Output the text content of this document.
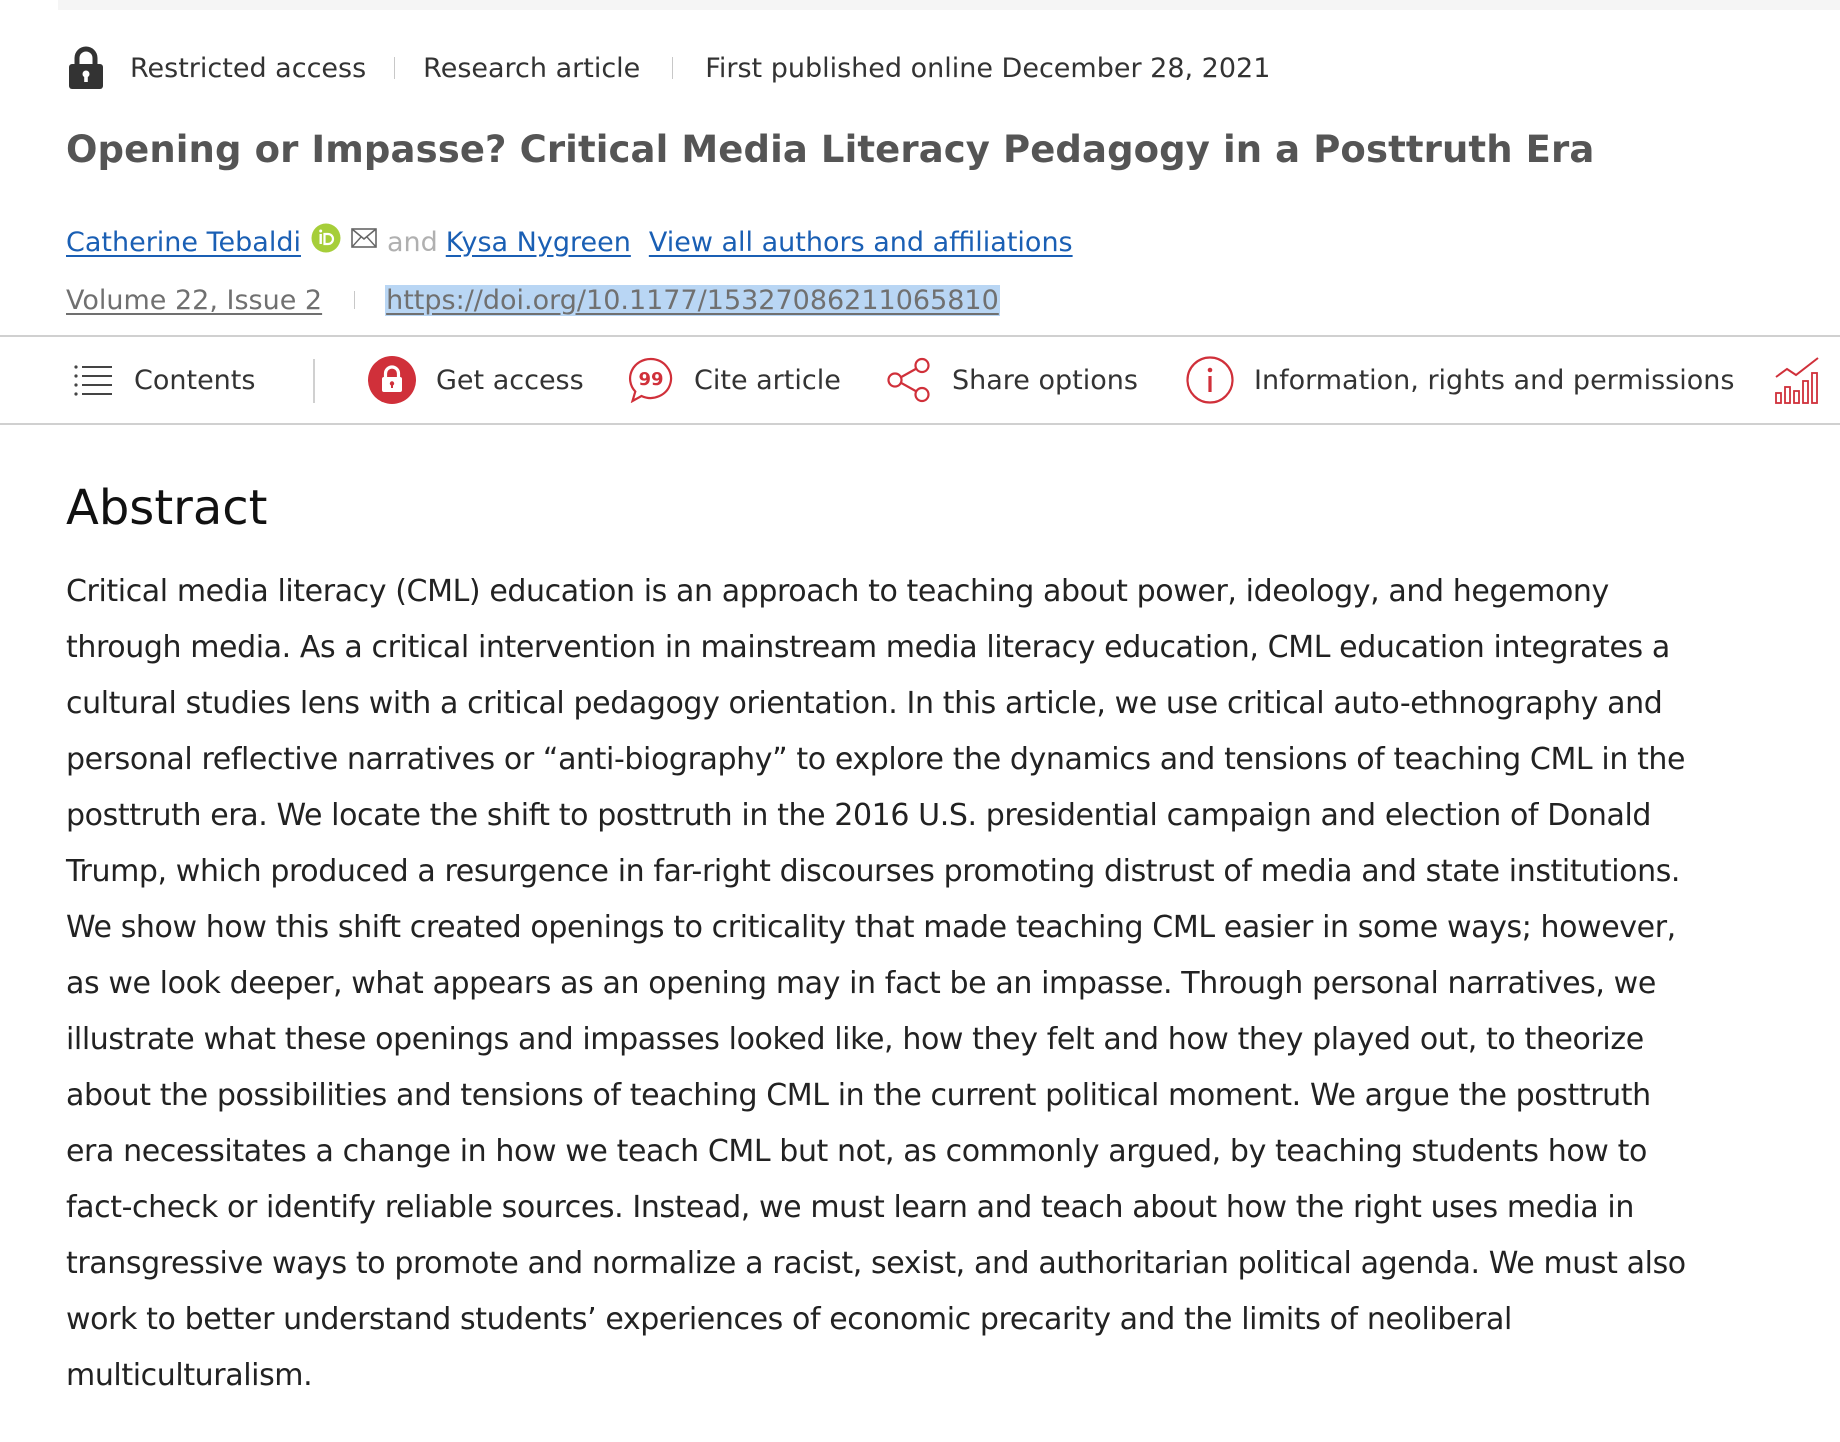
Restricted access Research article First published online December 28, 2021
Opening or Impasse? Critical Media Literacy Pedagogy in a Posttruth Era
Catherine Tebaldi	and Kysa Nygreen View all authors and affiliations
Volume 22, Issue 2 https://doi.org/10.1177/15327086211065810
Contents	Get access	99 Cite article	Share options	Information, rights and permissions
Abstract

Critical media literacy (CML) education is an approach to teaching about power, ideology, and hegemony through media. As a critical intervention in mainstream media literacy education, CML education integrates a cultural studies lens with a critical pedagogy orientation. In this article, we use critical auto-ethnography and personal reflective narratives or “anti-biography” to explore the dynamics and tensions of teaching CML in the posttruth era. We locate the shift to posttruth in the 2016 U.S. presidential campaign and election of Donald Trump, which produced a resurgence in far-right discourses promoting distrust of media and state institutions. We show how this shift created openings to criticality that made teaching CML easier in some ways; however, as we look deeper, what appears as an opening may in fact be an impasse. Through personal narratives, we illustrate what these openings and impasses looked like, how they felt and how they played out, to theorize about the possibilities and tensions of teaching CML in the current political moment. We argue the posttruth era necessitates a change in how we teach CML but not, as commonly argued, by teaching students how to fact-check or identify reliable sources. Instead, we must learn and teach about how the right uses media in transgressive ways to promote and normalize a racist, sexist, and authoritarian political agenda. We must also work to better understand students’ experiences of economic precarity and the limits of neoliberal multiculturalism.
